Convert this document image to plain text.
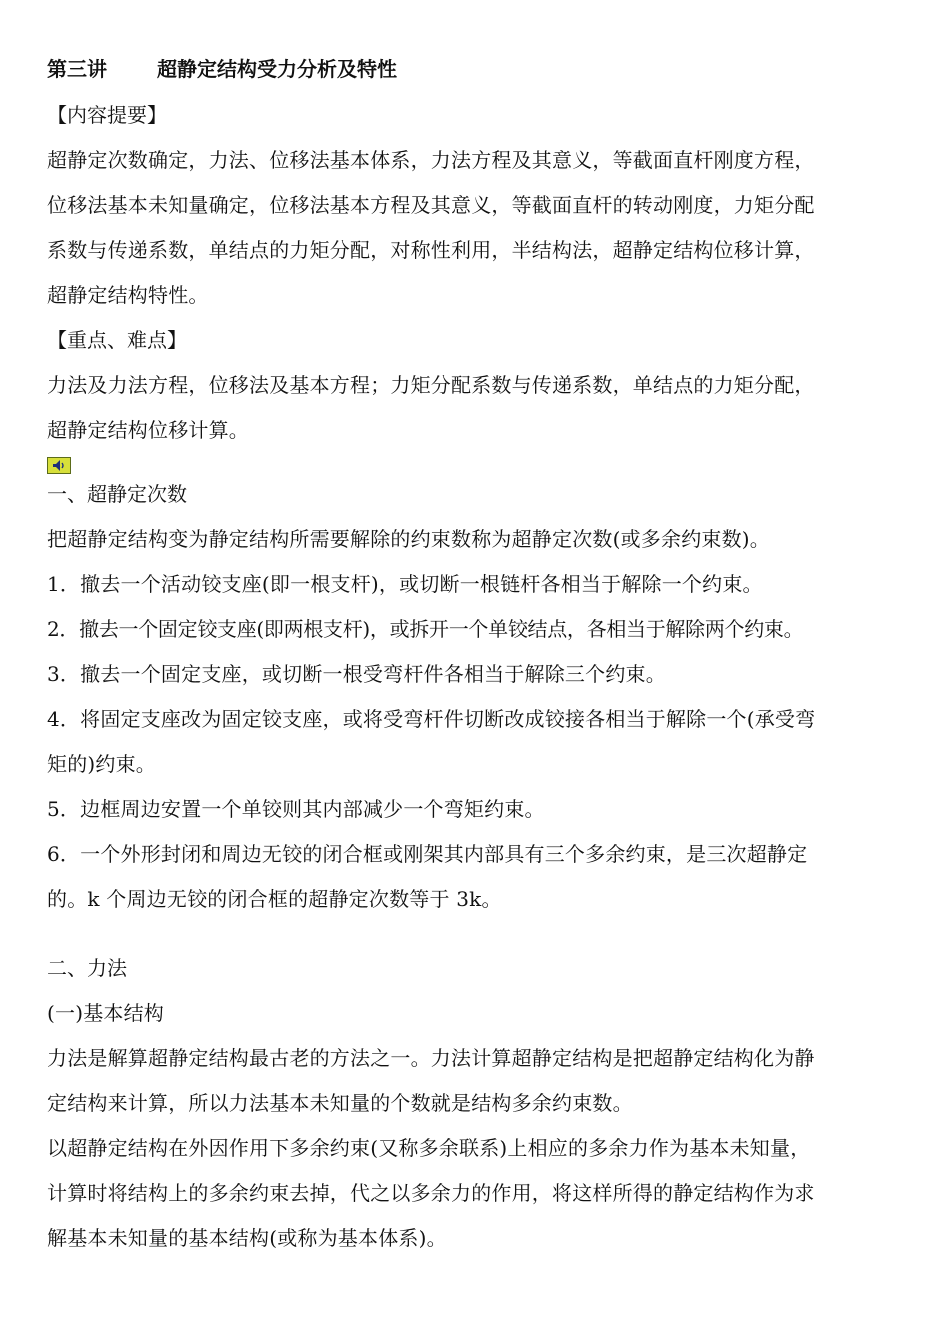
第三讲	超静定结构受力分析及特性

【内容提要】

超静定次数确定，力法、位移法基本体系，力法方程及其意义，等截面直杆刚度方程，

位移法基本未知量确定，位移法基本方程及其意义，等截面直杆的转动刚度，力矩分配

系数与传递系数，单结点的力矩分配，对称性利用，半结构法，超静定结构位移计算，

超静定结构特性。

【重点、难点】

力法及力法方程，位移法及基本方程；力矩分配系数与传递系数，单结点的力矩分配，

超静定结构位移计算。

一、超静定次数

把超静定结构变为静定结构所需要解除的约束数称为超静定次数(或多余约束数)。

1．撤去一个活动铰支座(即一根支杆)，或切断一根链杆各相当于解除一个约束。

2．撤去一个固定铰支座(即两根支杆)，或拆开一个单铰结点，各相当于解除两个约束。

3．撤去一个固定支座，或切断一根受弯杆件各相当于解除三个约束。

4．将固定支座改为固定铰支座，或将受弯杆件切断改成铰接各相当于解除一个(承受弯

矩的)约束。

5．边框周边安置一个单铰则其内部减少一个弯矩约束。

6．一个外形封闭和周边无铰的闭合框或刚架其内部具有三个多余约束，是三次超静定

的。k 个周边无铰的闭合框的超静定次数等于 3k。

二、力法

(一)基本结构

力法是解算超静定结构最古老的方法之一。力法计算超静定结构是把超静定结构化为静

定结构来计算，所以力法基本未知量的个数就是结构多余约束数。

以超静定结构在外因作用下多余约束(又称多余联系)上相应的多余力作为基本未知量，

计算时将结构上的多余约束去掉，代之以多余力的作用，将这样所得的静定结构作为求

解基本未知量的基本结构(或称为基本体系)。
